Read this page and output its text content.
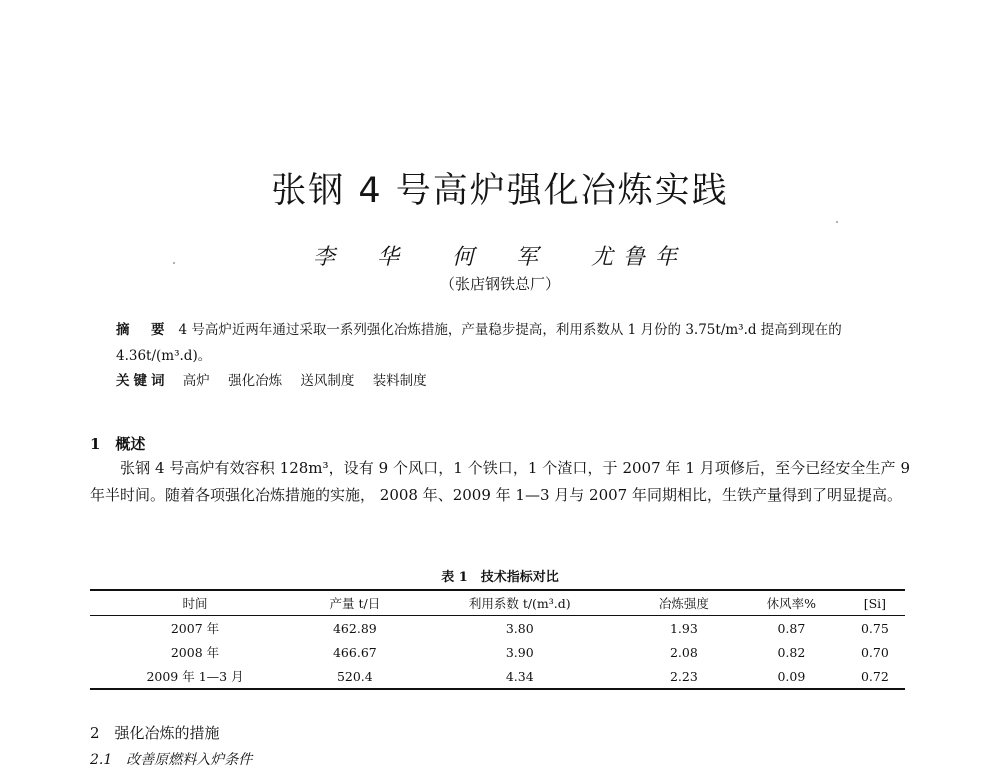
张钢 4 号高炉强化冶炼实践
李　华 何　军 尤鲁年
（张店钢铁总厂）
摘　要 4 号高炉近两年通过采取一系列强化冶炼措施，产量稳步提高，利用系数从 1 月份的 3.75t/m³.d 提高到现在的 4.36t/(m³.d)。
关键词 高炉 强化冶炼 送风制度 装料制度
1　概述
张钢 4 号高炉有效容积 128m³，设有 9 个风口，1 个铁口，1 个渣口，于 2007 年 1 月项修后，至今已经安全生产 9 年半时间。随着各项强化冶炼措施的实施， 2008 年、2009 年 1—3 月与 2007 年同期相比，生铁产量得到了明显提高。
表 1　技术指标对比
时间	产量 t/日	利用系数 t/(m³.d)	冶炼强度	休风率%	[Si]
2007 年	462.89	3.80	1.93	0.87	0.75
2008 年	466.67	3.90	2.08	0.82	0.70
2009 年 1—3 月	520.4	4.34	2.23	0.09	0.72
2　强化冶炼的措施
2.1　改善原燃料入炉条件
